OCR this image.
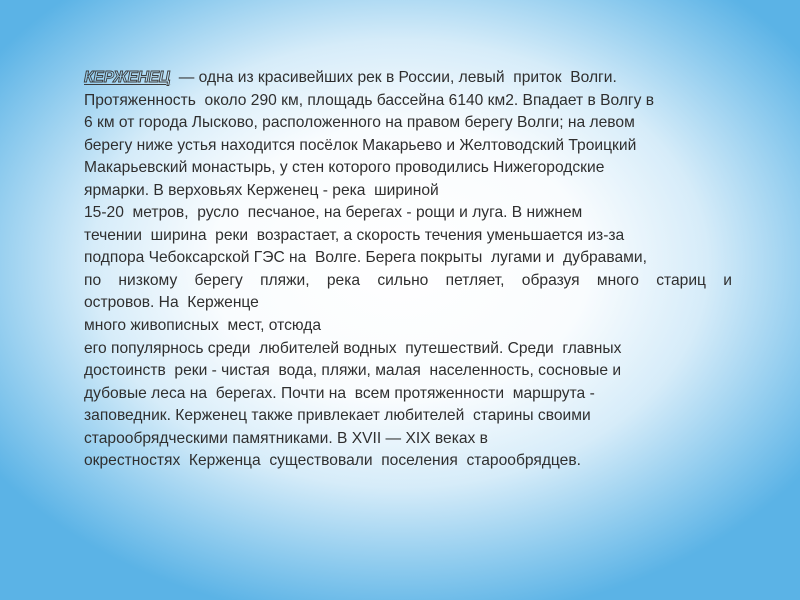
КЕРЖЕНЕЦ  — одна из красивейших рек в России, левый  приток  Волги.
Протяженность  около 290 км, площадь бассейна 6140 км2. Впадает в Волгу в
6 км от города Лысково, расположенного на правом берегу Волги; на левом
берегу ниже устья находится посёлок Макарьево и Желтоводский Троицкий
Макарьевский монастырь, у стен которого проводились Нижегородские
ярмарки. В верховьях Керженец - река  шириной
15-20  метров,  русло  песчаное, на берегах - рощи и луга. В нижнем
течении  ширина  реки  возрастает, а скорость течения уменьшается из-за
подпора Чебоксарской ГЭС на  Волге. Берега покрыты  лугами и  дубравами,
по низкому берегу пляжи, река сильно петляет, образуя много стариц и
островов. На  Керженце
много живописных  мест, отсюда
его популярнось среди  любителей водных  путешествий. Среди  главных
достоинств  реки - чистая  вода, пляжи, малая  населенность, сосновые и
дубовые леса на  берегах. Почти на  всем протяженности  маршрута -
заповедник. Керженец также привлекает любителей  старины своими
старообрядческими памятниками. В XVII — XIX веках в
окрестностях  Керженца  существовали  поселения  старообрядцев.
